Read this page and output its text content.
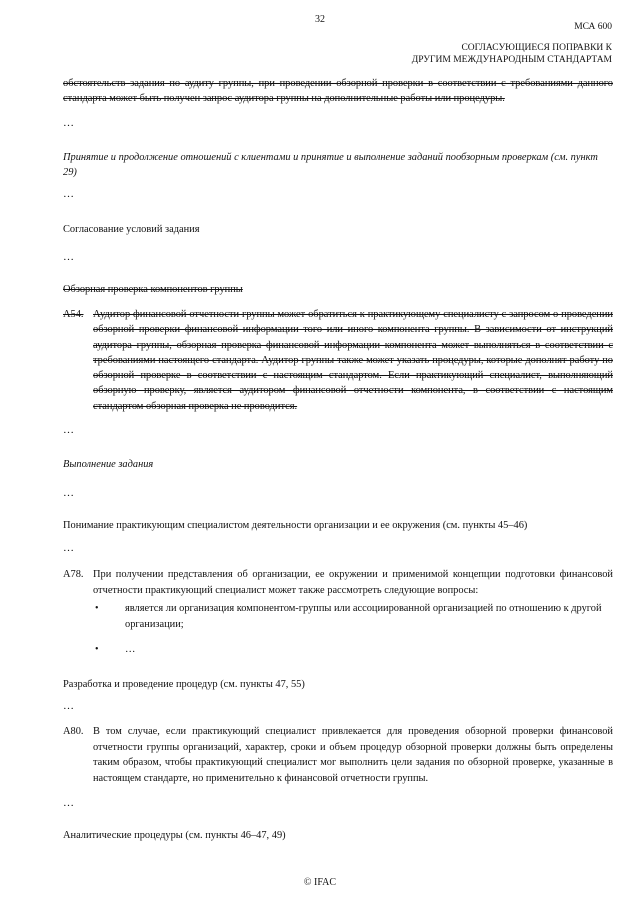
32
МСА 600
СОГЛАСУЮЩИЕСЯ ПОПРАВКИ К
ДРУГИМ МЕЖДУНАРОДНЫМ СТАНДАРТАМ
обстоятельств задания по аудиту группы, при проведении обзорной проверки в соответствии с требованиями данного стандарта может быть получен запрос аудитора группы на дополнительные работы или процедуры.
…
Принятие и продолжение отношений с клиентами и принятие и выполнение заданий пообзорным проверкам (см. пункт 29)
…
Согласование условий задания
…
Обзорная проверка компонентов группы
A54. Аудитор финансовой отчетности группы может обратиться к практикующему специалисту с запросом о проведении обзорной проверки финансовой информации того или иного компонента группы. В зависимости от инструкций аудитора группы, обзорная проверка финансовой информации компонента может выполняться в соответствии с требованиями настоящего стандарта. Аудитор группы также может указать процедуры, которые дополнят работу по обзорной проверке в соответствии с настоящим стандартом. Если практикующий специалист, выполняющий обзорную проверку, является аудитором финансовой отчетности компонента, в соответствии с настоящим стандартом обзорная проверка не проводится.
…
Выполнение задания
…
Понимание практикующим специалистом деятельности организации и ее окружения (см. пункты 45–46)
…
A78. При получении представления об организации, ее окружении и применимой концепции подготовки финансовой отчетности практикующий специалист может также рассмотреть следующие вопросы:
•	является ли организация компонентом-группы или ассоциированной организацией по отношению к другой организации;
•	…
Разработка и проведение процедур (см. пункты 47, 55)
…
A80. В том случае, если практикующий специалист привлекается для проведения обзорной проверки финансовой отчетности группы организаций, характер, сроки и объем процедур обзорной проверки должны быть определены таким образом, чтобы практикующий специалист мог выполнить цели задания по обзорной проверке, указанные в настоящем стандарте, но применительно к финансовой отчетности группы.
…
Аналитические процедуры (см. пункты 46–47, 49)
© IFAC
